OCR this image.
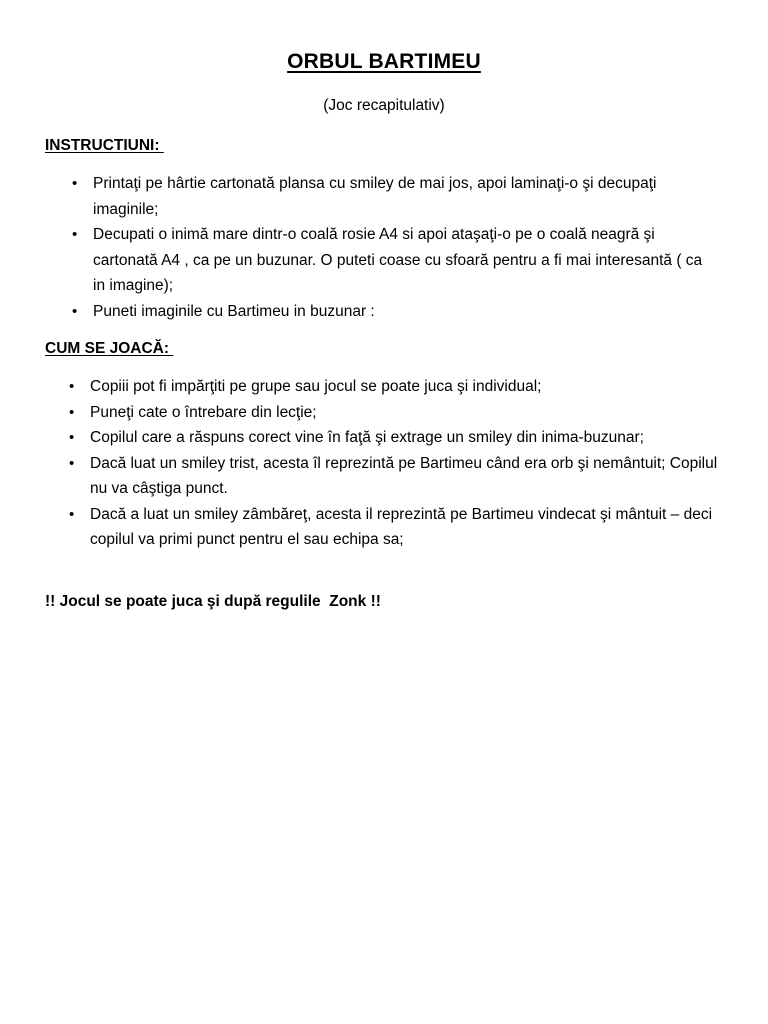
ORBUL BARTIMEU
(Joc recapitulativ)
INSTRUCTIUNI:
• Printaţi pe hârtie cartonată plansa cu smiley de mai jos, apoi laminaţi-o şi decupaţi imaginile;
• Decupati o inimă mare dintr-o coală rosie A4 si apoi ataşaţi-o pe o coală neagră şi cartonată A4 , ca pe un buzunar. O puteti coase cu sfoară pentru a fi mai interesantă ( ca in imagine);
• Puneti imaginile cu Bartimeu in buzunar :
CUM SE JOACĂ:
• Copiii pot fi impărţiti pe grupe sau jocul se poate juca şi individual;
• Puneţi cate o întrebare din lecţie;
• Copilul care a răspuns corect vine în faţă şi extrage un smiley din inima-buzunar;
• Dacă luat un smiley trist, acesta îl reprezintă pe Bartimeu când era orb şi nemântuit; Copilul nu va câştiga punct.
• Dacă a luat un smiley zâmbăreţ, acesta il reprezintă pe Bartimeu vindecat şi mântuit – deci copilul va primi punct pentru el sau echipa sa;
!! Jocul se poate juca şi după regulile  Zonk !!
